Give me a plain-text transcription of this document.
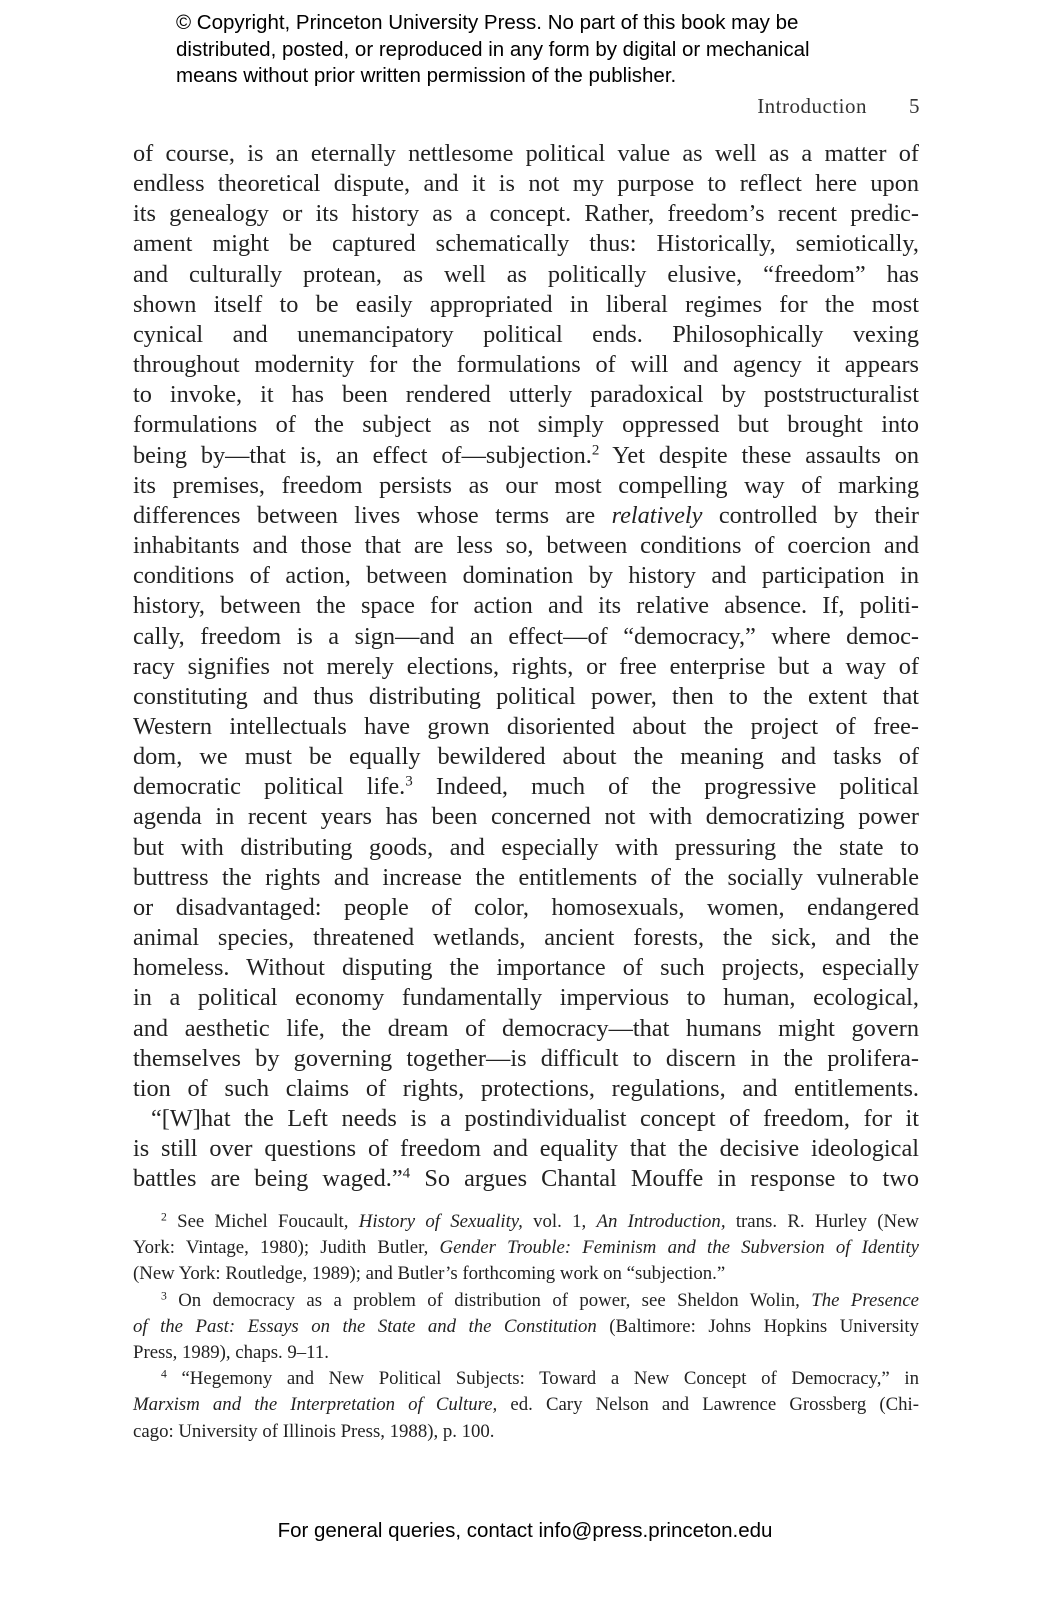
© Copyright, Princeton University Press. No part of this book may be
distributed, posted, or reproduced in any form by digital or mechanical
means without prior written permission of the publisher.
Introduction 5
of course, is an eternally nettlesome political value as well as a matter of
endless theoretical dispute, and it is not my purpose to reflect here upon
its genealogy or its history as a concept. Rather, freedom’s recent predic-
ament might be captured schematically thus: Historically, semiotically,
and culturally protean, as well as politically elusive, “freedom” has
shown itself to be easily appropriated in liberal regimes for the most
cynical and unemancipatory political ends. Philosophically vexing
throughout modernity for the formulations of will and agency it appears
to invoke, it has been rendered utterly paradoxical by poststructuralist
formulations of the subject as not simply oppressed but brought into
being by—that is, an effect of—subjection.$^2$ Yet despite these assaults on
its premises, freedom persists as our most compelling way of marking
differences between lives whose terms are relatively controlled by their
inhabitants and those that are less so, between conditions of coercion and
conditions of action, between domination by history and participation in
history, between the space for action and its relative absence. If, politi-
cally, freedom is a sign—and an effect—of “democracy,” where democ-
racy signifies not merely elections, rights, or free enterprise but a way of
constituting and thus distributing political power, then to the extent that
Western intellectuals have grown disoriented about the project of free-
dom, we must be equally bewildered about the meaning and tasks of
democratic political life.$^3$ Indeed, much of the progressive political
agenda in recent years has been concerned not with democratizing power
but with distributing goods, and especially with pressuring the state to
buttress the rights and increase the entitlements of the socially vulnerable
or disadvantaged: people of color, homosexuals, women, endangered
animal species, threatened wetlands, ancient forests, the sick, and the
homeless. Without disputing the importance of such projects, especially
in a political economy fundamentally impervious to human, ecological,
and aesthetic life, the dream of democracy—that humans might govern
themselves by governing together—is difficult to discern in the prolifera-
tion of such claims of rights, protections, regulations, and entitlements.
“[W]hat the Left needs is a postindividualist concept of freedom, for it
is still over questions of freedom and equality that the decisive ideological
battles are being waged.”$^4$ So argues Chantal Mouffe in response to two
$^2$ See Michel Foucault, History of Sexuality, vol. 1, An Introduction, trans. R. Hurley (New
York: Vintage, 1980); Judith Butler, Gender Trouble: Feminism and the Subversion of Identity
(New York: Routledge, 1989); and Butler’s forthcoming work on “subjection.”
$^3$ On democracy as a problem of distribution of power, see Sheldon Wolin, The Presence
of the Past: Essays on the State and the Constitution (Baltimore: Johns Hopkins University
Press, 1989), chaps. 9–11.
$^4$ “Hegemony and New Political Subjects: Toward a New Concept of Democracy,” in
Marxism and the Interpretation of Culture, ed. Cary Nelson and Lawrence Grossberg (Chi-
cago: University of Illinois Press, 1988), p. 100.
For general queries, contact info@press.princeton.edu
